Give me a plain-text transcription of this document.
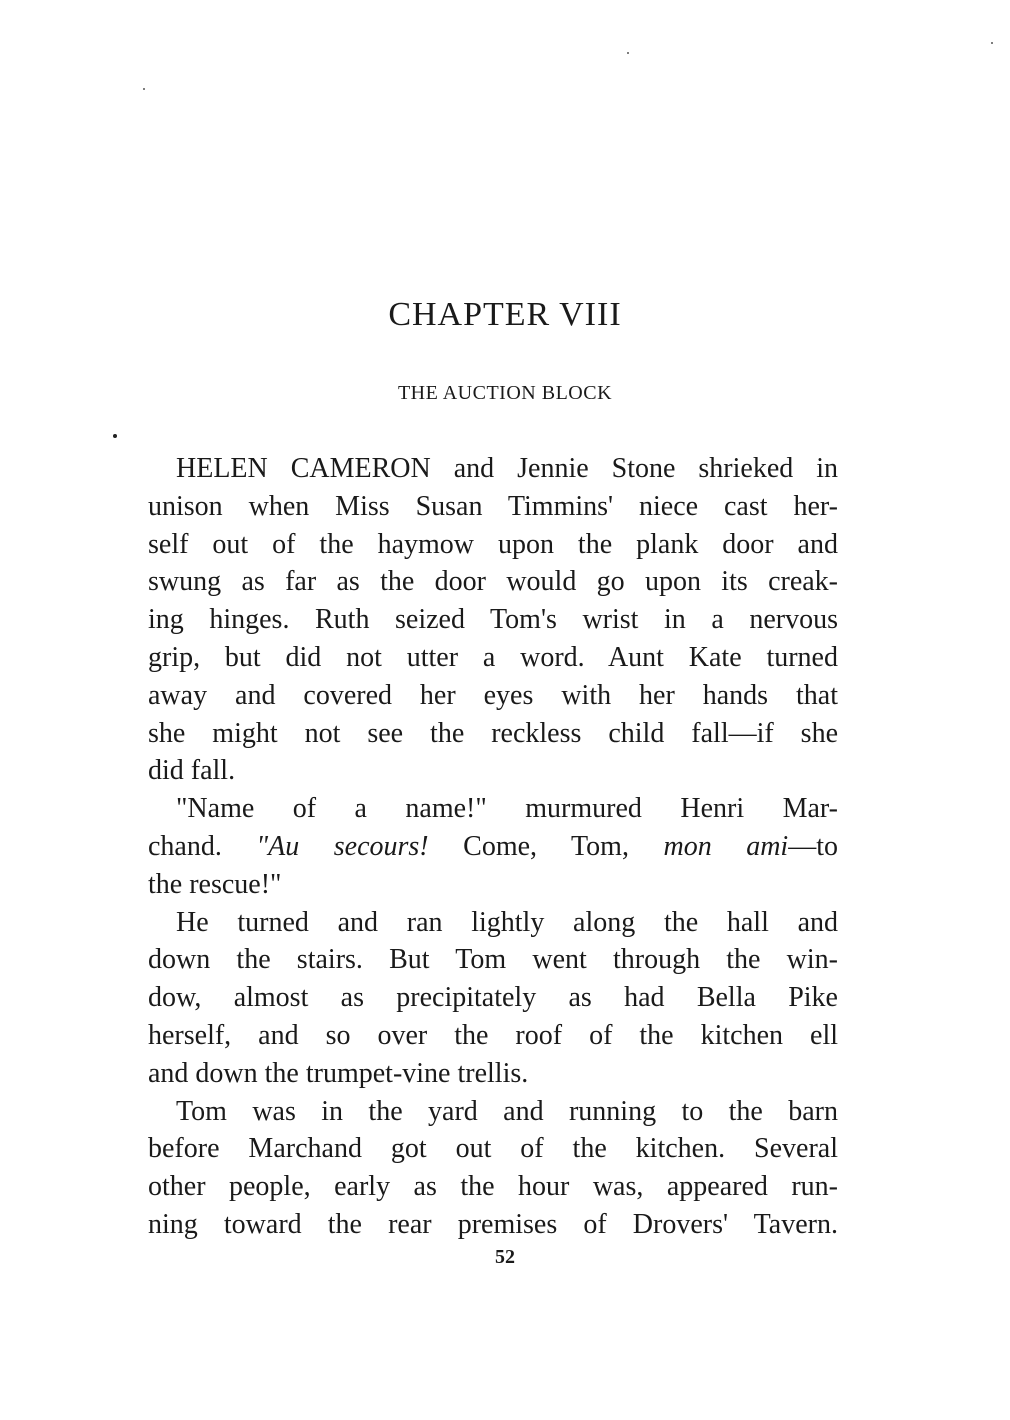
CHAPTER VIII
THE AUCTION BLOCK

HELEN CAMERON and Jennie Stone shrieked in
unison when Miss Susan Timmins' niece cast her-
self out of the haymow upon the plank door and
swung as far as the door would go upon its creak-
ing hinges. Ruth seized Tom's wrist in a nervous
grip, but did not utter a word. Aunt Kate turned
away and covered her eyes with her hands that
she might not see the reckless child fall—if she
did fall.

"Name of a name!" murmured Henri Mar-
chand. "Au secours! Come, Tom, mon ami—to
the rescue!"

He turned and ran lightly along the hall and
down the stairs. But Tom went through the win-
dow, almost as precipitately as had Bella Pike
herself, and so over the roof of the kitchen ell
and down the trumpet-vine trellis.

Tom was in the yard and running to the barn
before Marchand got out of the kitchen. Several
other people, early as the hour was, appeared run-
ning toward the rear premises of Drovers' Tavern.

52
